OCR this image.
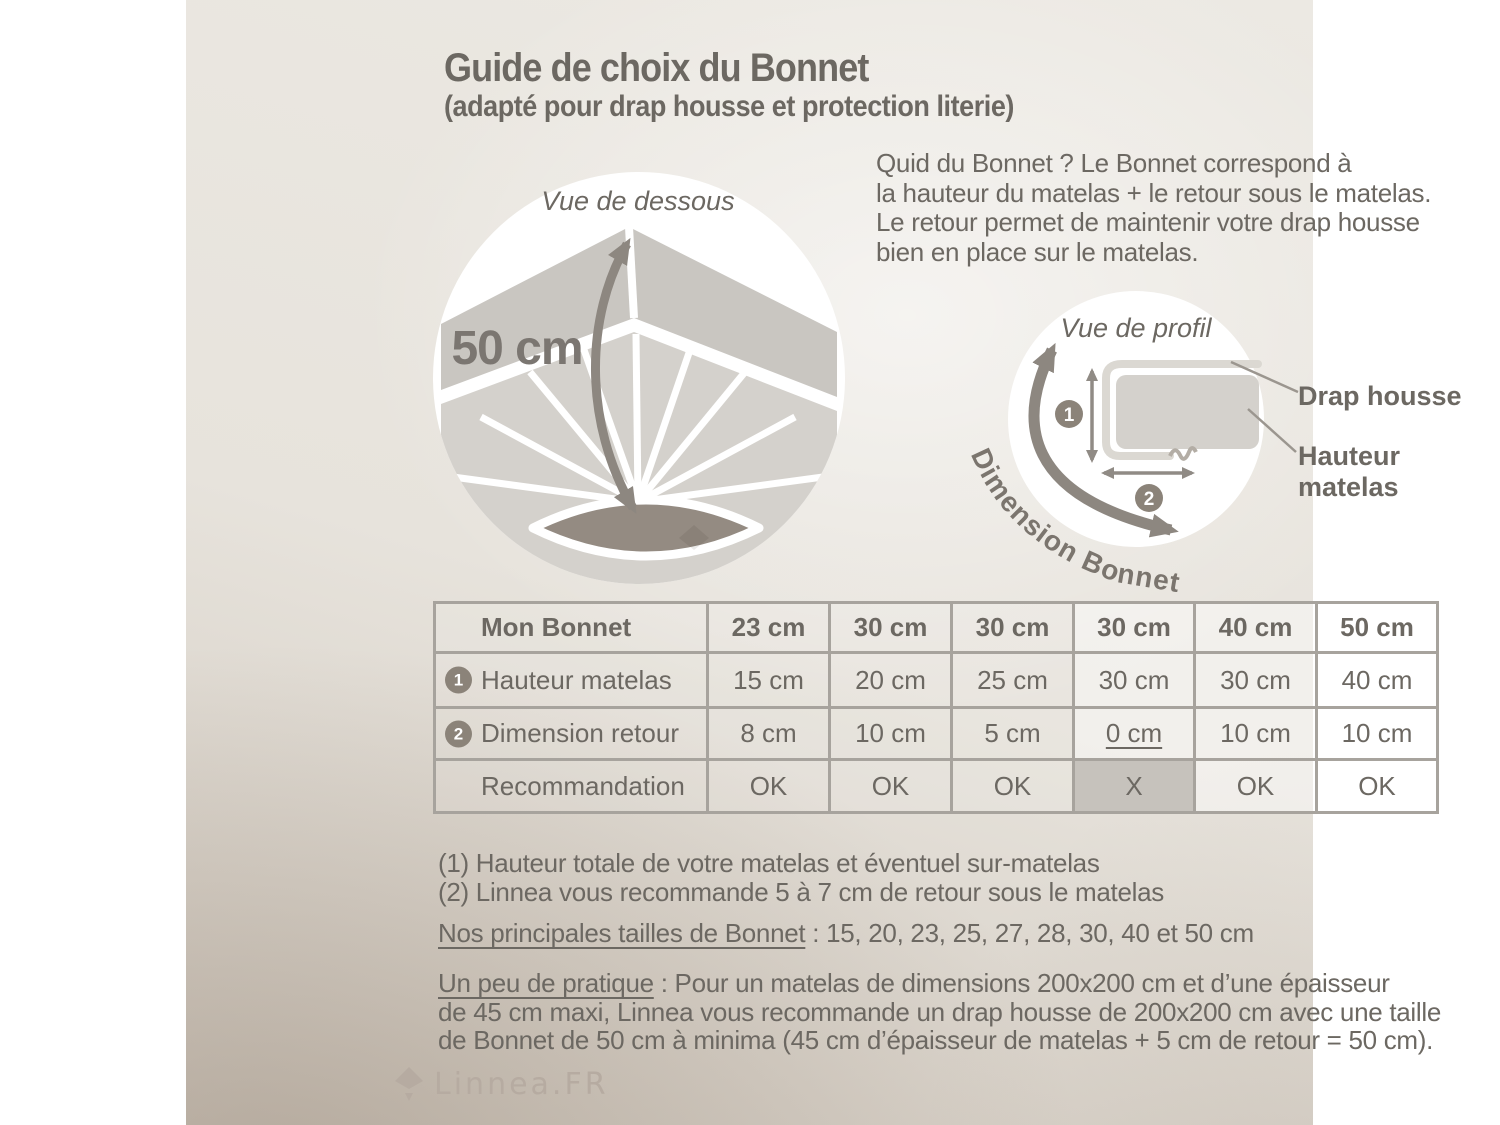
Guide de choix du Bonnet
(adapté pour drap housse et protection literie)
Quid du Bonnet ? Le Bonnet correspond à
la hauteur du matelas + le retour sous le matelas.
Le retour permet de maintenir votre drap housse
bien en place sur le matelas.
Vue de dessous
50 cm
1
2
Vue de profil
Dimension Bonnet
Drap housse
Hauteur
matelas
Mon Bonnet	23 cm	30 cm	30 cm	30 cm	40 cm	50 cm

1 Hauteur matelas	15 cm	20 cm	25 cm	30 cm	30 cm	40 cm

2 Dimension retour	8 cm	10 cm	5 cm	0 cm	10 cm	10 cm
Recommandation	OK	OK	OK	X	OK	OK
(1) Hauteur totale de votre matelas et éventuel sur-matelas
(2) Linnea vous recommande 5 à 7 cm de retour sous le matelas
Nos principales tailles de Bonnet : 15, 20, 23, 25, 27, 28, 30, 40 et 50 cm
Un peu de pratique : Pour un matelas de dimensions 200x200 cm et d’une épaisseur
de 45 cm maxi, Linnea vous recommande un drap housse de 200x200 cm avec une taille
de Bonnet de 50 cm à minima (45 cm d’épaisseur de matelas + 5 cm de retour = 50 cm).
Linnea.FR
